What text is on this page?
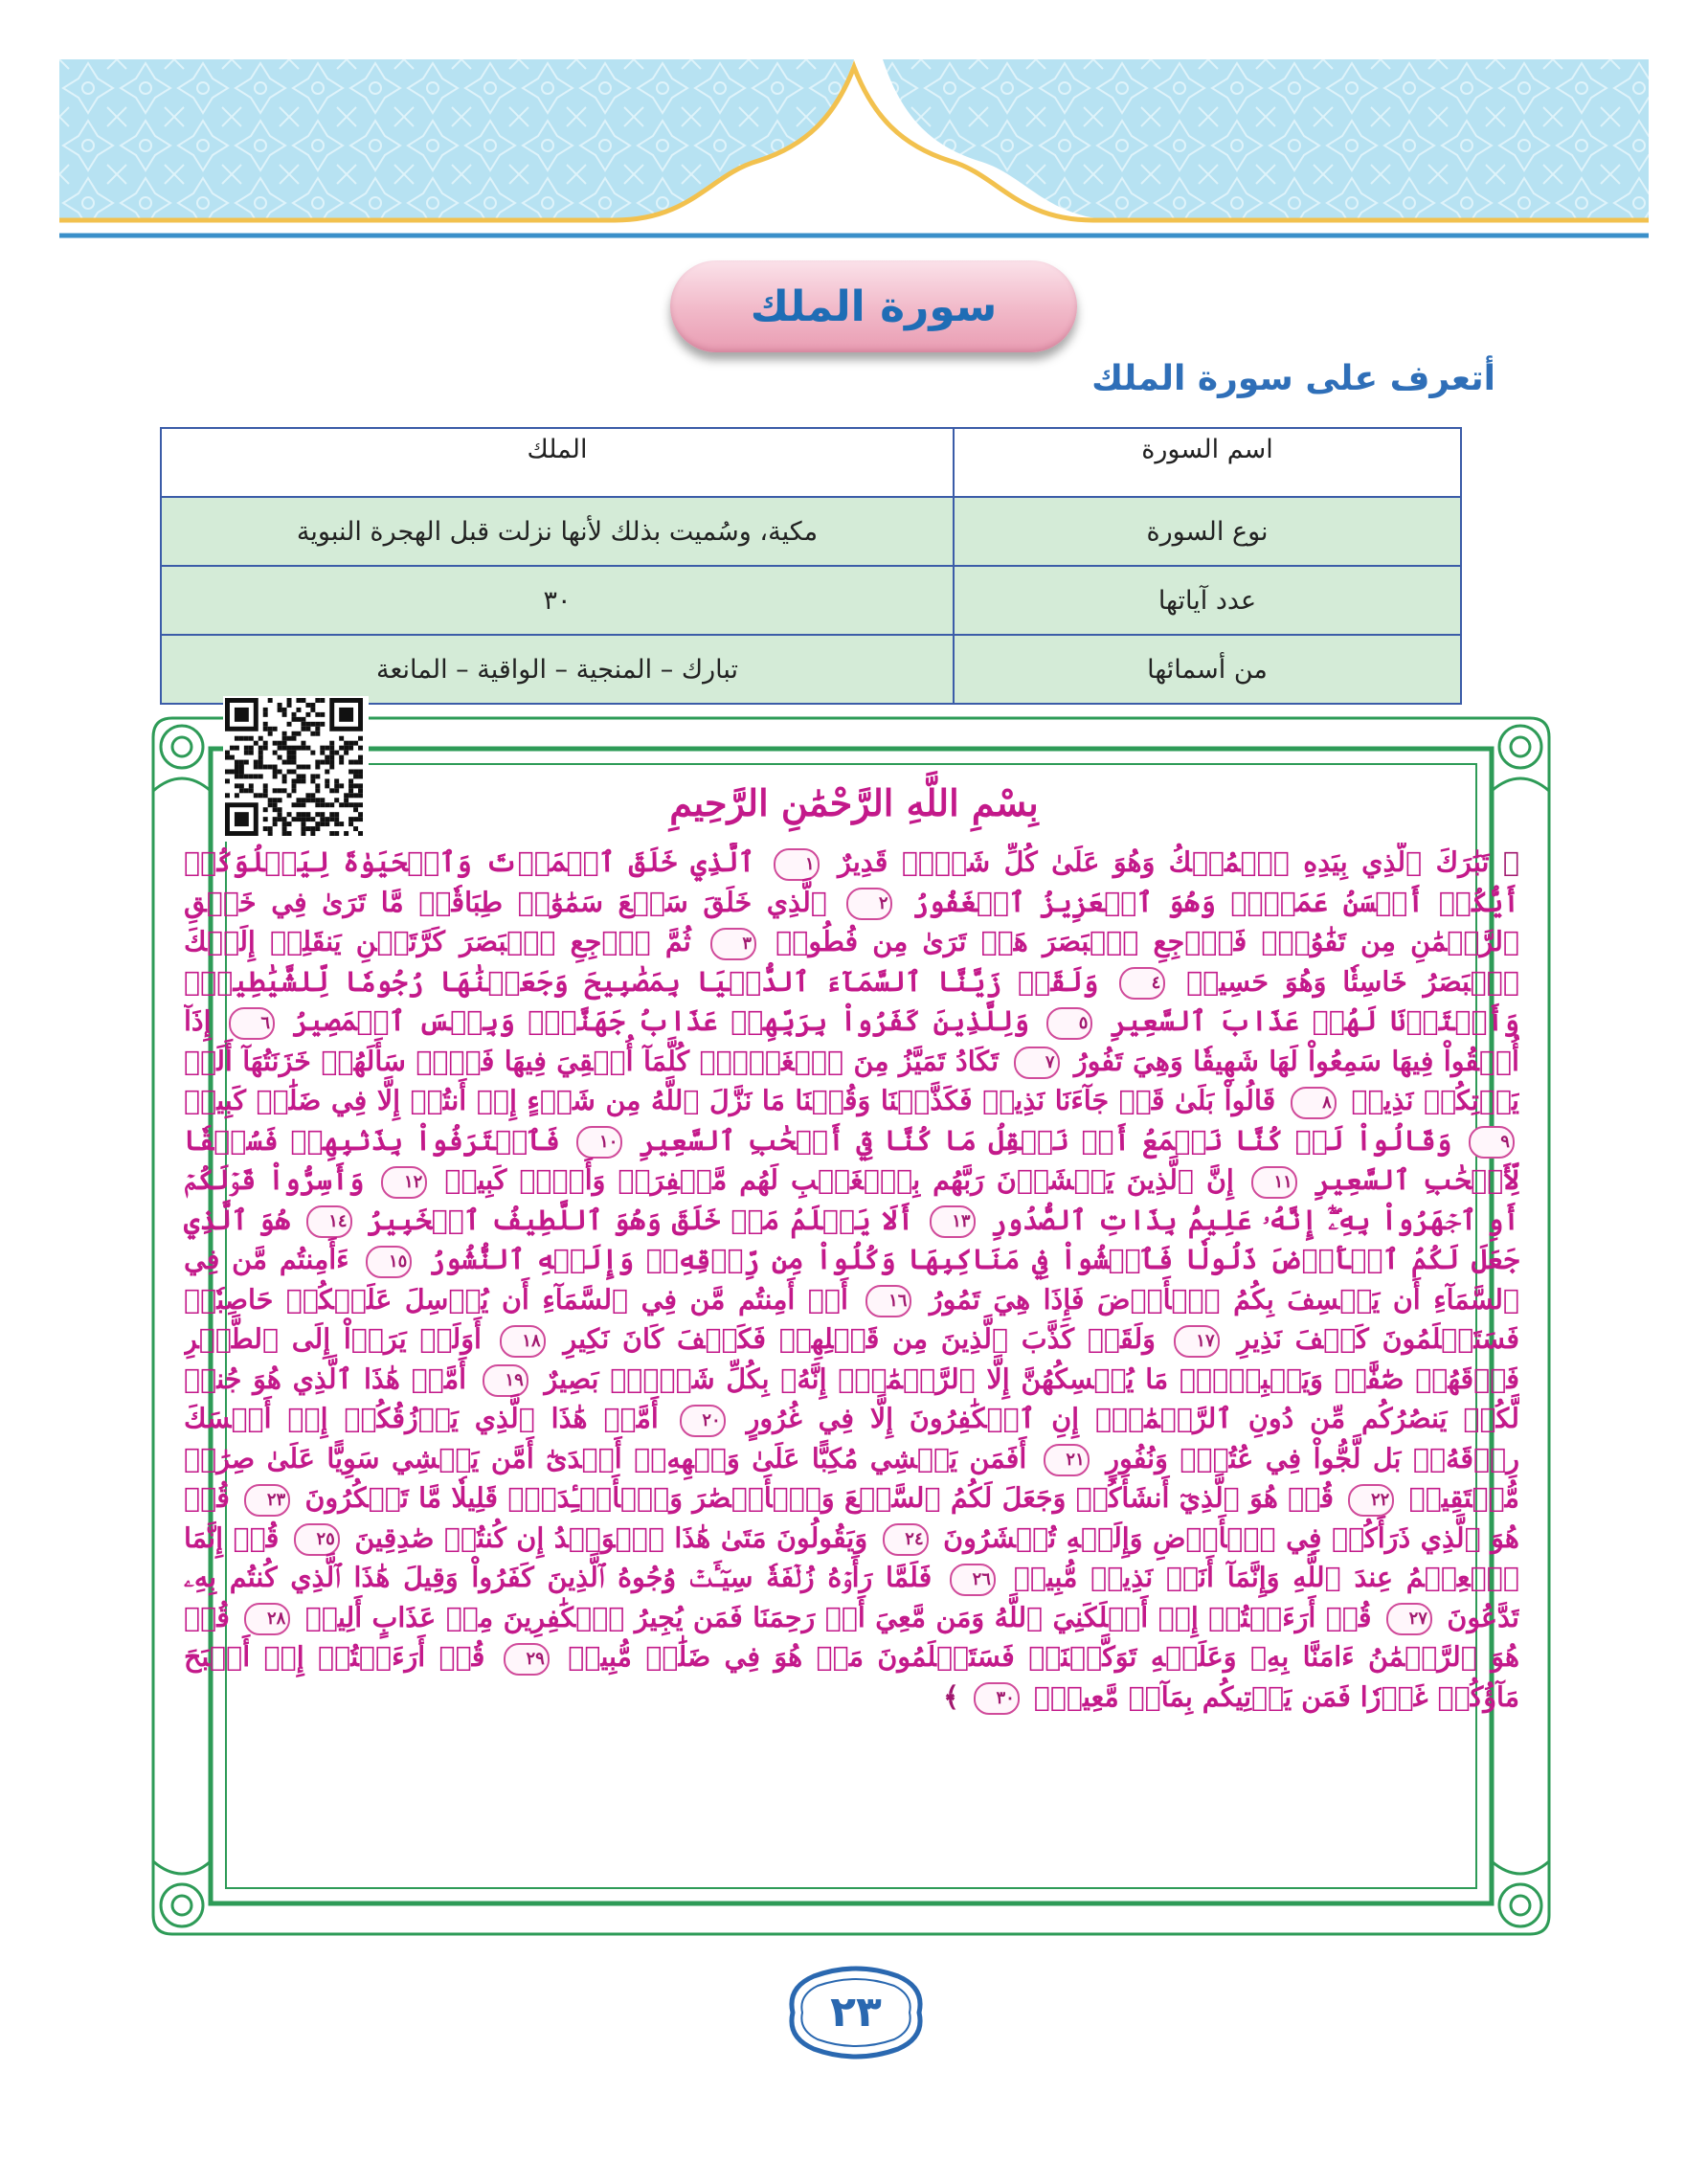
سورة الملك
أتعرف على سورة الملك
اسم السورة	الملك
نوع السورة	مكية، وسُميت بذلك لأنها نزلت قبل الهجرة النبوية
عدد آياتها	٣٠
من أسمائها	تبارك – المنجية – الواقية – المانعة
بِسْمِ اللَّهِ الرَّحْمَٰنِ الرَّحِيمِ
﴿ تَبَٰرَكَ ٱلَّذِي بِيَدِهِ ٱلۡمُلۡكُ وَهُوَ عَلَىٰ كُلِّ شَيۡءٖ قَدِيرٌ ١ ٱلَّذِي خَلَقَ ٱلۡمَوۡتَ وَٱلۡحَيَوٰةَ لِيَبۡلُوَكُمۡ أَيُّكُمۡ أَحۡسَنُ عَمَلٗاۚ وَهُوَ ٱلۡعَزِيزُ ٱلۡغَفُورُ ٢ ٱلَّذِي خَلَقَ سَبۡعَ سَمَٰوَٰتٖ طِبَاقٗاۖ مَّا تَرَىٰ فِي خَلۡقِ ٱلرَّحۡمَٰنِ مِن تَفَٰوُتٖۖ فَٱرۡجِعِ ٱلۡبَصَرَ هَلۡ تَرَىٰ مِن فُطُورٖ ٣ ثُمَّ ٱرۡجِعِ ٱلۡبَصَرَ كَرَّتَيۡنِ يَنقَلِبۡ إِلَيۡكَ ٱلۡبَصَرُ خَاسِئٗا وَهُوَ حَسِيرٞ ٤ وَلَقَدۡ زَيَّنَّا ٱلسَّمَآءَ ٱلدُّنۡيَا بِمَصَٰبِيحَ وَجَعَلۡنَٰهَا رُجُومٗا لِّلشَّيَٰطِينِۖ وَأَعۡتَدۡنَا لَهُمۡ عَذَابَ ٱلسَّعِيرِ ٥ وَلِلَّذِينَ كَفَرُواْ بِرَبِّهِمۡ عَذَابُ جَهَنَّمَۖ وَبِئۡسَ ٱلۡمَصِيرُ ٦ إِذَآ أُلۡقُواْ فِيهَا سَمِعُواْ لَهَا شَهِيقٗا وَهِيَ تَفُورُ ٧ تَكَادُ تَمَيَّزُ مِنَ ٱلۡغَيۡظِۖ كُلَّمَآ أُلۡقِيَ فِيهَا فَوۡجٞ سَأَلَهُمۡ خَزَنَتُهَآ أَلَمۡ يَأۡتِكُمۡ نَذِيرٞ ٨ قَالُواْ بَلَىٰ قَدۡ جَآءَنَا نَذِيرٞ فَكَذَّبۡنَا وَقُلۡنَا مَا نَزَّلَ ٱللَّهُ مِن شَيۡءٍ إِنۡ أَنتُمۡ إِلَّا فِي ضَلَٰلٖ كَبِيرٖ ٩ وَقَالُواْ لَوۡ كُنَّا نَسۡمَعُ أَوۡ نَعۡقِلُ مَا كُنَّا فِيٓ أَصۡحَٰبِ ٱلسَّعِيرِ ١٠ فَٱعۡتَرَفُواْ بِذَنۢبِهِمۡ فَسُحۡقٗا لِّأَصۡحَٰبِ ٱلسَّعِيرِ ١١ إِنَّ ٱلَّذِينَ يَخۡشَوۡنَ رَبَّهُم بِٱلۡغَيۡبِ لَهُم مَّغۡفِرَةٞ وَأَجۡرٞ كَبِيرٞ ١٢ وَأَسِرُّواْ قَوۡلَكُمۡ أَوِ ٱجۡهَرُواْ بِهِۦٓۖ إِنَّهُۥ عَلِيمُۢ بِذَاتِ ٱلصُّدُورِ ١٣ أَلَا يَعۡلَمُ مَنۡ خَلَقَ وَهُوَ ٱللَّطِيفُ ٱلۡخَبِيرُ ١٤ هُوَ ٱلَّذِي جَعَلَ لَكُمُ ٱلۡأَرۡضَ ذَلُولٗا فَٱمۡشُواْ فِي مَنَاكِبِهَا وَكُلُواْ مِن رِّزۡقِهِۦۖ وَإِلَيۡهِ ٱلنُّشُورُ ١٥ ءَأَمِنتُم مَّن فِي ٱلسَّمَآءِ أَن يَخۡسِفَ بِكُمُ ٱلۡأَرۡضَ فَإِذَا هِيَ تَمُورُ ١٦ أَمۡ أَمِنتُم مَّن فِي ٱلسَّمَآءِ أَن يُرۡسِلَ عَلَيۡكُمۡ حَاصِبٗاۖ فَسَتَعۡلَمُونَ كَيۡفَ نَذِيرِ ١٧ وَلَقَدۡ كَذَّبَ ٱلَّذِينَ مِن قَبۡلِهِمۡ فَكَيۡفَ كَانَ نَكِيرِ ١٨ أَوَلَمۡ يَرَوۡاْ إِلَى ٱلطَّيۡرِ فَوۡقَهُمۡ صَٰٓفَّٰتٖ وَيَقۡبِضۡنَۚ مَا يُمۡسِكُهُنَّ إِلَّا ٱلرَّحۡمَٰنُۚ إِنَّهُۥ بِكُلِّ شَيۡءِۢ بَصِيرٌ ١٩ أَمَّنۡ هَٰذَا ٱلَّذِي هُوَ جُندٞ لَّكُمۡ يَنصُرُكُم مِّن دُونِ ٱلرَّحۡمَٰنِۚ إِنِ ٱلۡكَٰفِرُونَ إِلَّا فِي غُرُورٍ ٢٠ أَمَّنۡ هَٰذَا ٱلَّذِي يَرۡزُقُكُمۡ إِنۡ أَمۡسَكَ رِزۡقَهُۥۚ بَل لَّجُّواْ فِي عُتُوّٖ وَنُفُورٍ ٢١ أَفَمَن يَمۡشِي مُكِبًّا عَلَىٰ وَجۡهِهِۦٓ أَهۡدَىٰٓ أَمَّن يَمۡشِي سَوِيًّا عَلَىٰ صِرَٰطٖ مُّسۡتَقِيمٖ ٢٢ قُلۡ هُوَ ٱلَّذِيٓ أَنشَأَكُمۡ وَجَعَلَ لَكُمُ ٱلسَّمۡعَ وَٱلۡأَبۡصَٰرَ وَٱلۡأَفۡـِٔدَةَۖ قَلِيلٗا مَّا تَشۡكُرُونَ ٢٣ قُلۡ هُوَ ٱلَّذِي ذَرَأَكُمۡ فِي ٱلۡأَرۡضِ وَإِلَيۡهِ تُحۡشَرُونَ ٢٤ وَيَقُولُونَ مَتَىٰ هَٰذَا ٱلۡوَعۡدُ إِن كُنتُمۡ صَٰدِقِينَ ٢٥ قُلۡ إِنَّمَا ٱلۡعِلۡمُ عِندَ ٱللَّهِ وَإِنَّمَآ أَنَا۠ نَذِيرٞ مُّبِينٞ ٢٦ فَلَمَّا رَأَوۡهُ زُلۡفَةٗ سِيٓـَٔتۡ وُجُوهُ ٱلَّذِينَ كَفَرُواْ وَقِيلَ هَٰذَا ٱلَّذِي كُنتُم بِهِۦ تَدَّعُونَ ٢٧ قُلۡ أَرَءَيۡتُمۡ إِنۡ أَهۡلَكَنِيَ ٱللَّهُ وَمَن مَّعِيَ أَوۡ رَحِمَنَا فَمَن يُجِيرُ ٱلۡكَٰفِرِينَ مِنۡ عَذَابٍ أَلِيمٖ ٢٨ قُلۡ هُوَ ٱلرَّحۡمَٰنُ ءَامَنَّا بِهِۦ وَعَلَيۡهِ تَوَكَّلۡنَاۖ فَسَتَعۡلَمُونَ مَنۡ هُوَ فِي ضَلَٰلٖ مُّبِينٖ ٢٩ قُلۡ أَرَءَيۡتُمۡ إِنۡ أَصۡبَحَ مَآؤُكُمۡ غَوۡرٗا فَمَن يَأۡتِيكُم بِمَآءٖ مَّعِينِۭ ٣٠ ﴾
٢٣
